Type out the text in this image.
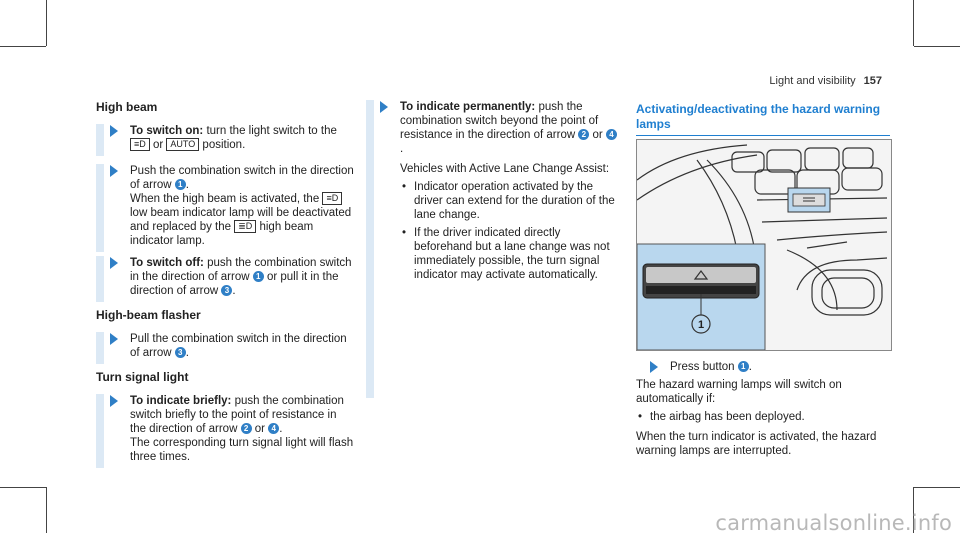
Light and visibility 157
High beam

To switch on: turn the light switch to the
≡D or AUTO position.

Push the combination switch in the direction of arrow 1 .
When the high beam is activated, the ≡D low beam indicator lamp will be deactivated and replaced by the ≣D high beam indicator lamp.

To switch off: push the combination switch in the direction of arrow 1 or pull it in the direction of arrow 3 .

High-beam flasher

Pull the combination switch in the direction of arrow 3 .

Turn signal light

To indicate briefly: push the combination switch briefly to the point of resistance in the direction of arrow 2 or 4 .
The corresponding turn signal light will flash three times.

To indicate permanently: push the combination switch beyond the point of resistance in the direction of arrow 2 or 4.

Vehicles with Active Lane Change Assist:

• Indicator operation activated by the driver can extend for the duration of the lane change.
• If the driver indicated directly beforehand but a lane change was not immediately possible, the turn signal indicator may activate automatically.
Activating/deactivating the hazard warning
lamps
1

Press button 1 .

The hazard warning lamps will switch on automatically if:

• the airbag has been deployed.

When the turn indicator is activated, the hazard warning lamps are interrupted.

carmanualsonline.info
